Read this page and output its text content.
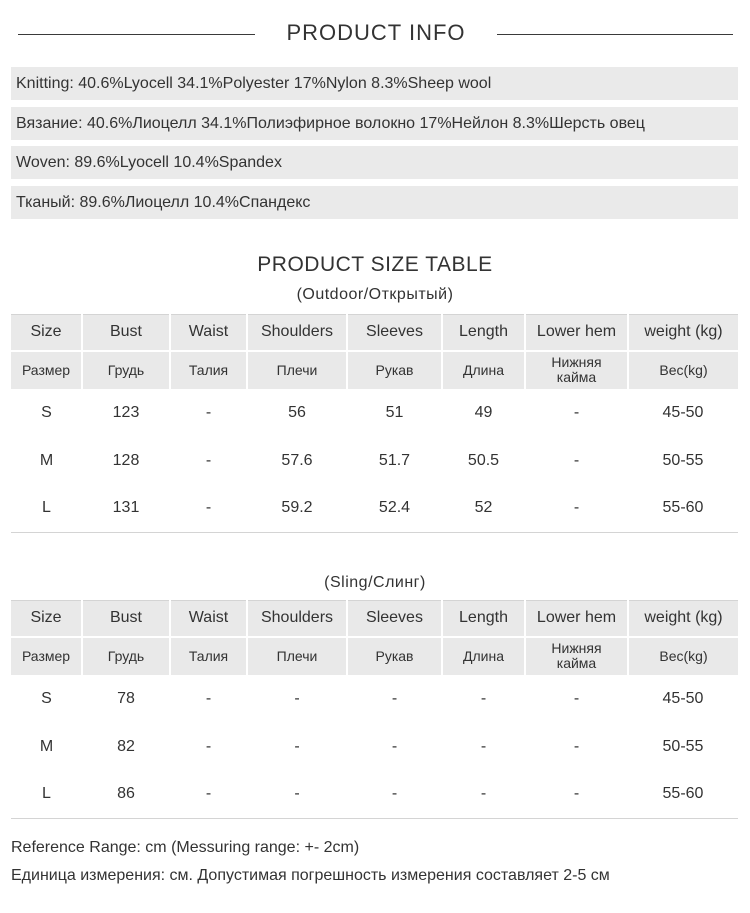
PRODUCT INFO
Knitting: 40.6%Lyocell 34.1%Polyester 17%Nylon 8.3%Sheep wool
Вязание: 40.6%Лиоцелл 34.1%Полиэфирное волокно 17%Нейлон 8.3%Шерсть овец
Woven: 89.6%Lyocell 10.4%Spandex
Тканый: 89.6%Лиоцелл 10.4%Спандекс
PRODUCT SIZE TABLE
(Outdoor/Открытый)
Size	Bust	Waist	Shoulders	Sleeves	Length	Lower hem	weight (kg)
Размер	Грудь	Талия	Плечи	Рукав	Длина	Нижняя кайма	Вес(kg)
S	123	-	56	51	49	-	45-50
M	128	-	57.6	51.7	50.5	-	50-55
L	131	-	59.2	52.4	52	-	55-60
(Sling/Слинг)
Size	Bust	Waist	Shoulders	Sleeves	Length	Lower hem	weight (kg)
Размер	Грудь	Талия	Плечи	Рукав	Длина	Нижняя кайма	Вес(kg)
S	78	-	-	-	-	-	45-50
M	82	-	-	-	-	-	50-55
L	86	-	-	-	-	-	55-60
Reference Range: cm (Messuring range: +- 2cm)
Единица измерения: см. Допустимая погрешность измерения составляет 2-5 см
